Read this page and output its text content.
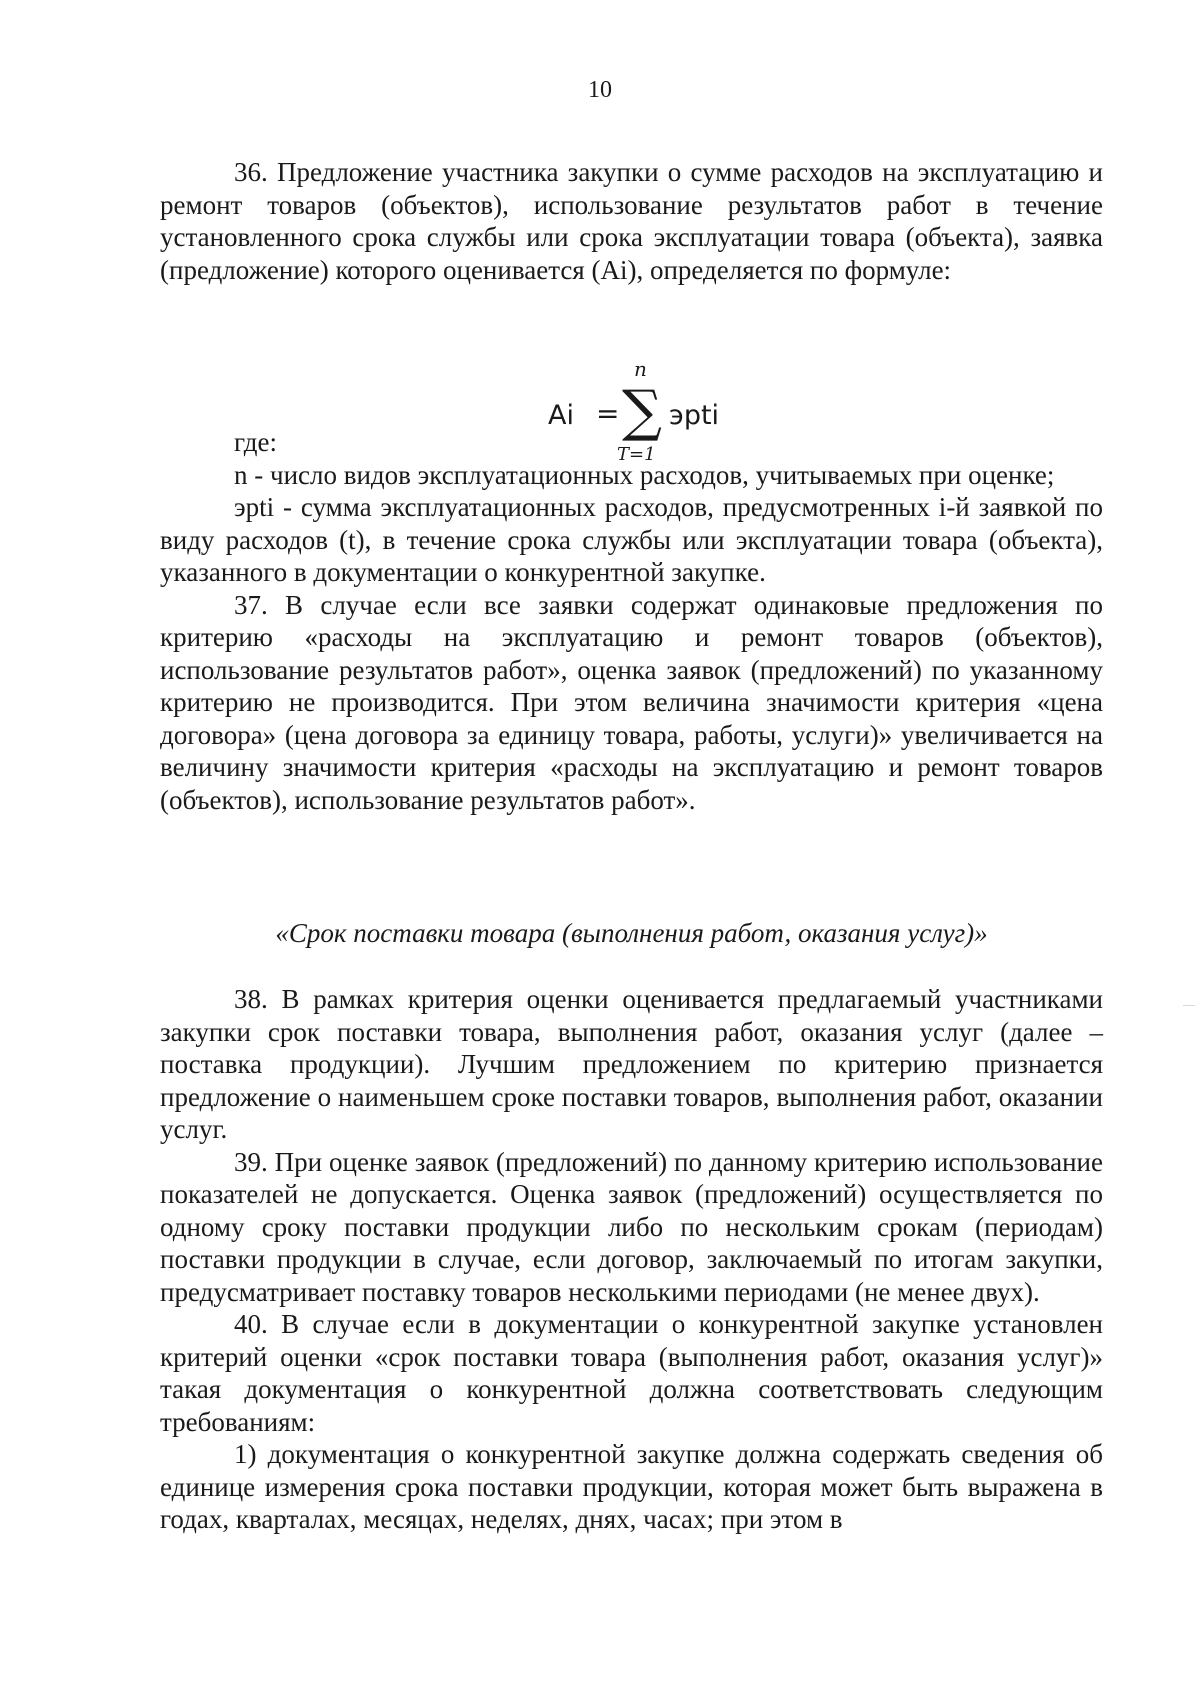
10

36. Предложение участника закупки о сумме расходов на эксплуатацию и ремонт товаров (объектов), использование результатов работ в течение установленного срока службы или срока эксплуатации товара (объекта), заявка (предложение) которого оценивается (Ai), определяется по формуле:

Ai =
n
∑
T=1
эpti

где:

n - число видов эксплуатационных расходов, учитываемых при оценке;

эpti - сумма эксплуатационных расходов, предусмотренных i-й заявкой по виду расходов (t), в течение срока службы или эксплуатации товара (объекта), указанного в документации о конкурентной закупке.

37. В случае если все заявки содержат одинаковые предложения по критерию «расходы на эксплуатацию и ремонт товаров (объектов), использование результатов работ», оценка заявок (предложений) по указанному критерию не производится. При этом величина значимости критерия «цена договора» (цена договора за единицу товара, работы, услуги)» увеличивается на величину значимости критерия «расходы на эксплуатацию и ремонт товаров (объектов), использование результатов работ».

«Срок поставки товара (выполнения работ, оказания услуг)»

38. В рамках критерия оценки оценивается предлагаемый участниками закупки срок поставки товара, выполнения работ, оказания услуг (далее – поставка продукции). Лучшим предложением по критерию признается предложение о наименьшем сроке поставки товаров, выполнения работ, оказании услуг.

39. При оценке заявок (предложений) по данному критерию использование показателей не допускается. Оценка заявок (предложений) осуществляется по одному сроку поставки продукции либо по нескольким срокам (периодам) поставки продукции в случае, если договор, заключаемый по итогам закупки, предусматривает поставку товаров несколькими периодами (не менее двух).

40. В случае если в документации о конкурентной закупке установлен критерий оценки «срок поставки товара (выполнения работ, оказания услуг)» такая документация о конкурентной должна соответствовать следующим требованиям:

1) документация о конкурентной закупке должна содержать сведения об единице измерения срока поставки продукции, которая может быть выражена в годах, кварталах, месяцах, неделях, днях, часах; при этом в
